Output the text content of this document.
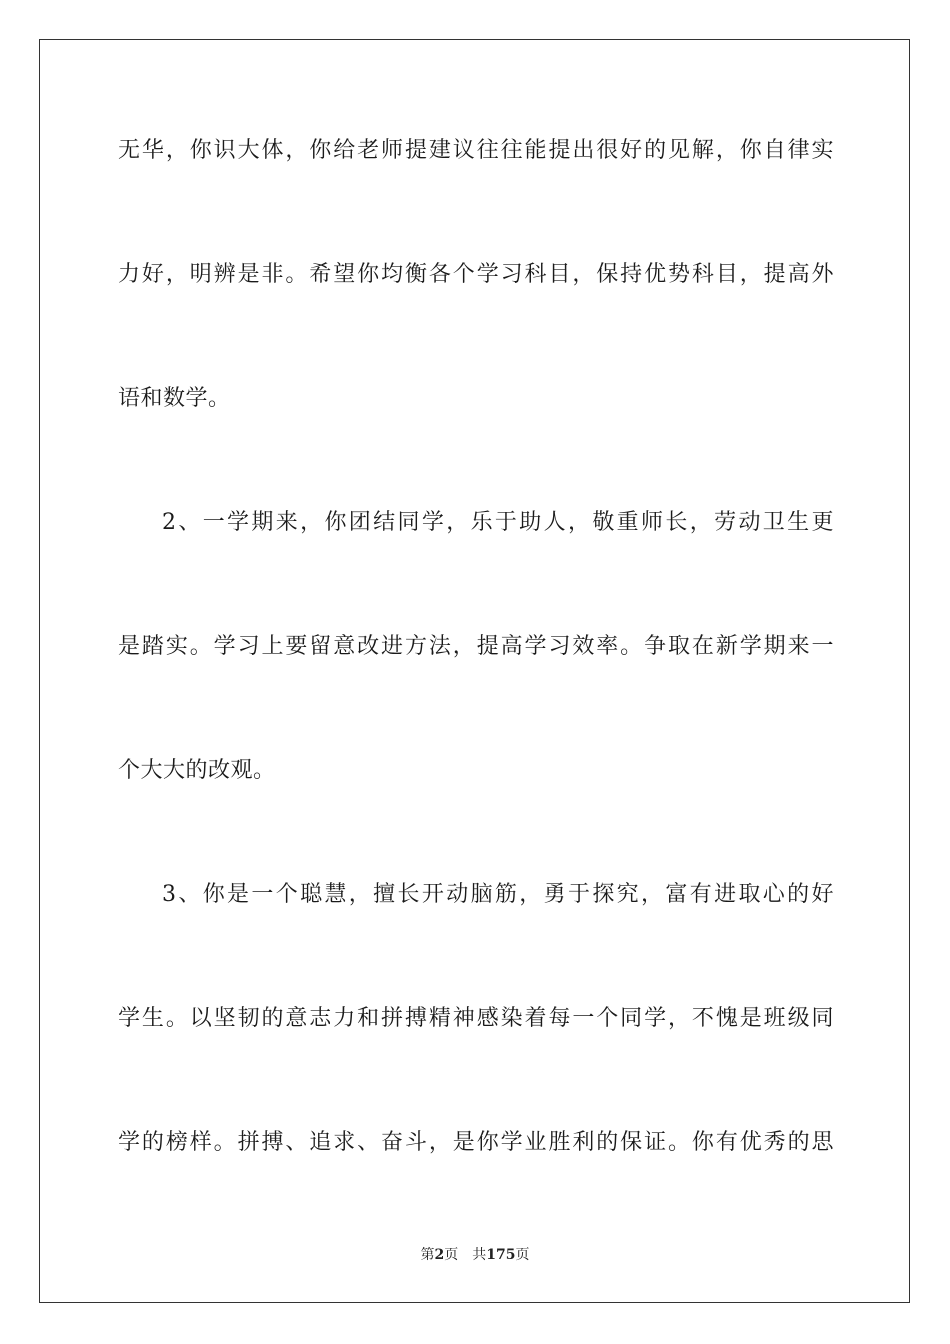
无华，你识大体，你给老师提建议往往能提出很好的见解，你自律实
力好，明辨是非。希望你均衡各个学习科目，保持优势科目，提高外
语和数学。
2、一学期来，你团结同学，乐于助人，敬重师长，劳动卫生更
是踏实。学习上要留意改进方法，提高学习效率。争取在新学期来一
个大大的改观。
3、你是一个聪慧，擅长开动脑筋，勇于探究，富有进取心的好
学生。以坚韧的意志力和拼搏精神感染着每一个同学，不愧是班级同
学的榜样。拼搏、追求、奋斗，是你学业胜利的保证。你有优秀的思
第2页 共175页
